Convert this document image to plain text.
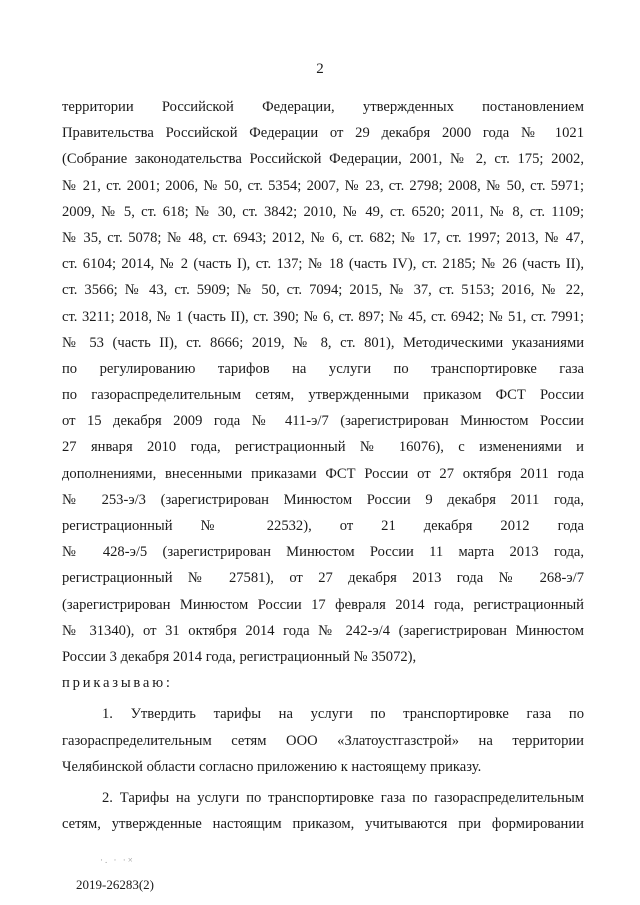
2
территории Российской Федерации, утвержденных постановлением
Правительства Российской Федерации от 29 декабря 2000 года № 1021
(Собрание законодательства Российской Федерации, 2001, № 2, ст. 175; 2002,
№ 21, ст. 2001; 2006, № 50, ст. 5354; 2007, № 23, ст. 2798; 2008, № 50, ст. 5971;
2009, № 5, ст. 618; № 30, ст. 3842; 2010, № 49, ст. 6520; 2011, № 8, ст. 1109;
№ 35, ст. 5078; № 48, ст. 6943; 2012, № 6, ст. 682; № 17, ст. 1997; 2013, № 47,
ст. 6104; 2014, № 2 (часть I), ст. 137; № 18 (часть IV), ст. 2185; № 26 (часть II),
ст. 3566; № 43, ст. 5909; № 50, ст. 7094; 2015, № 37, ст. 5153; 2016, № 22,
ст. 3211; 2018, № 1 (часть II), ст. 390; № 6, ст. 897; № 45, ст. 6942; № 51, ст. 7991;
№ 53 (часть II), ст. 8666; 2019, № 8, ст. 801), Методическими указаниями
по регулированию тарифов на услуги по транспортировке газа
по газораспределительным сетям, утвержденными приказом ФСТ России
от 15 декабря 2009 года № 411-э/7 (зарегистрирован Минюстом России
27 января 2010 года, регистрационный № 16076), с изменениями и
дополнениями, внесенными приказами ФСТ России от 27 октября 2011 года
№ 253-э/3 (зарегистрирован Минюстом России 9 декабря 2011 года,
регистрационный № 22532), от 21 декабря 2012 года
№ 428-э/5 (зарегистрирован Минюстом России 11 марта 2013 года,
регистрационный № 27581), от 27 декабря 2013 года № 268-э/7
(зарегистрирован Минюстом России 17 февраля 2014 года, регистрационный
№ 31340), от 31 октября 2014 года № 242-э/4 (зарегистрирован Минюстом
России 3 декабря 2014 года, регистрационный № 35072),
приказываю:
1. Утвердить тарифы на услуги по транспортировке газа по
газораспределительным сетям ООО «Златоустгазстрой» на территории
Челябинской области согласно приложению к настоящему приказу.
2. Тарифы на услуги по транспортировке газа по газораспределительным
сетям, утвержденные настоящим приказом, учитываются при формировании
·. · ·×
2019-26283(2)
